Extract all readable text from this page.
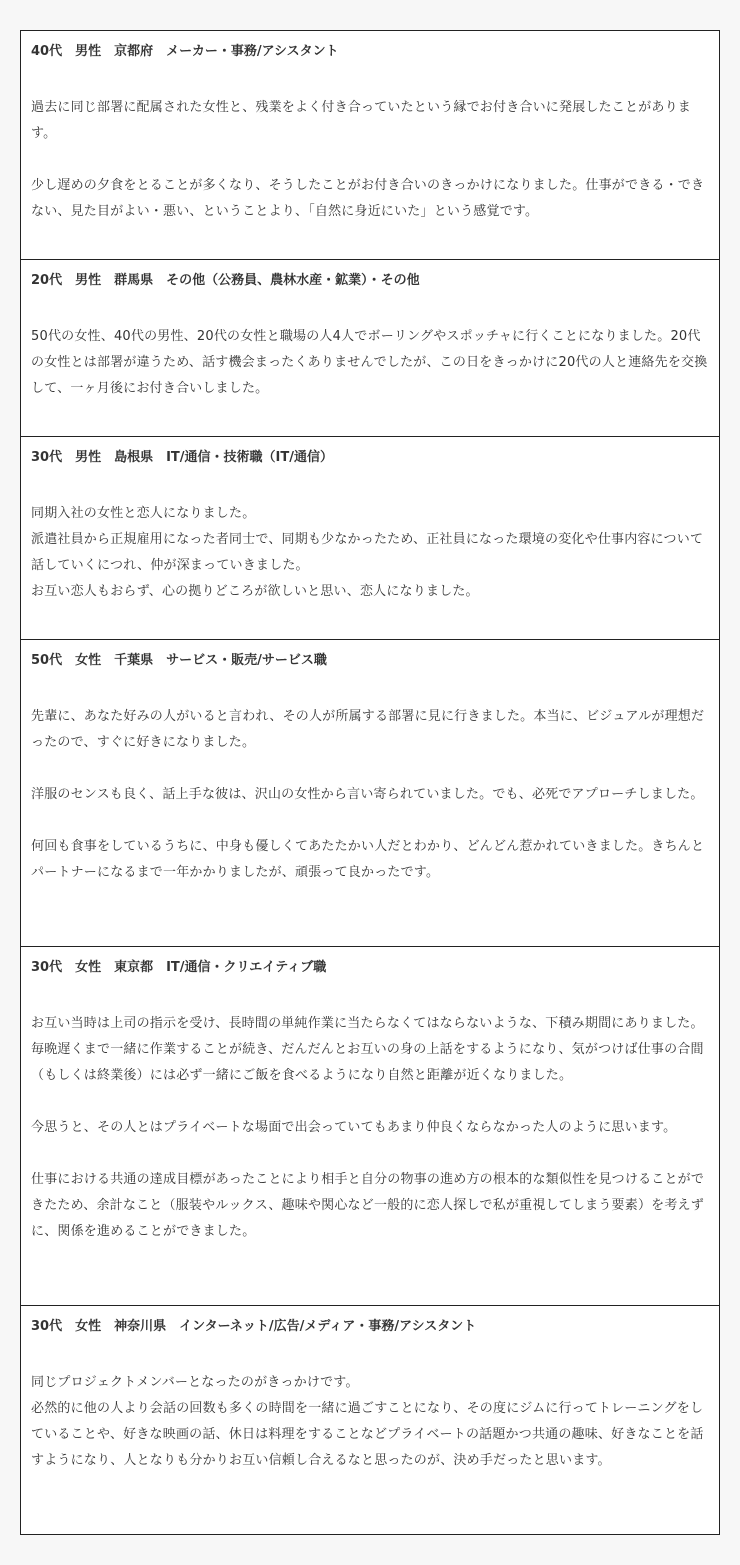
40代　男性　京都府　メーカー・事務/アシスタント

過去に同じ部署に配属された女性と、残業をよく付き合っていたという縁でお付き合いに発展したことがあります。

少し遅めの夕食をとることが多くなり、そうしたことがお付き合いのきっかけになりました。仕事ができる・できない、見た目がよい・悪い、ということより、「自然に身近にいた」という感覚です。

20代　男性　群馬県　その他（公務員、農林水産・鉱業）・その他

50代の女性、40代の男性、20代の女性と職場の人4人でボーリングやスポッチャに行くことになりました。20代の女性とは部署が違うため、話す機会まったくありませんでしたが、この日をきっかけに20代の人と連絡先を交換して、一ヶ月後にお付き合いしました。

30代　男性　島根県　IT/通信・技術職（IT/通信）

同期入社の女性と恋人になりました。

派遣社員から正規雇用になった者同士で、同期も少なかったため、正社員になった環境の変化や仕事内容について話していくにつれ、仲が深まっていきました。

お互い恋人もおらず、心の拠りどころが欲しいと思い、恋人になりました。

50代　女性　千葉県　サービス・販売/サービス職

先輩に、あなた好みの人がいると言われ、その人が所属する部署に見に行きました。本当に、ビジュアルが理想だったので、すぐに好きになりました。

洋服のセンスも良く、話上手な彼は、沢山の女性から言い寄られていました。でも、必死でアプローチしました。

何回も食事をしているうちに、中身も優しくてあたたかい人だとわかり、どんどん惹かれていきました。きちんとパートナーになるまで一年かかりましたが、頑張って良かったです。

30代　女性　東京都　IT/通信・クリエイティブ職

お互い当時は上司の指示を受け、長時間の単純作業に当たらなくてはならないような、下積み期間にありました。毎晩遅くまで一緒に作業することが続き、だんだんとお互いの身の上話をするようになり、気がつけば仕事の合間（もしくは終業後）には必ず一緒にご飯を食べるようになり自然と距離が近くなりました。

今思うと、その人とはプライベートな場面で出会っていてもあまり仲良くならなかった人のように思います。

仕事における共通の達成目標があったことにより相手と自分の物事の進め方の根本的な類似性を見つけることができたため、余計なこと（服装やルックス、趣味や関心など一般的に恋人探しで私が重視してしまう要素）を考えずに、関係を進めることができました。

30代　女性　神奈川県　インターネット/広告/メディア・事務/アシスタント

同じプロジェクトメンバーとなったのがきっかけです。

必然的に他の人より会話の回数も多くの時間を一緒に過ごすことになり、その度にジムに行ってトレーニングをしていることや、好きな映画の話、休日は料理をすることなどプライベートの話題かつ共通の趣味、好きなことを話すようになり、人となりも分かりお互い信頼し合えるなと思ったのが、決め手だったと思います。
